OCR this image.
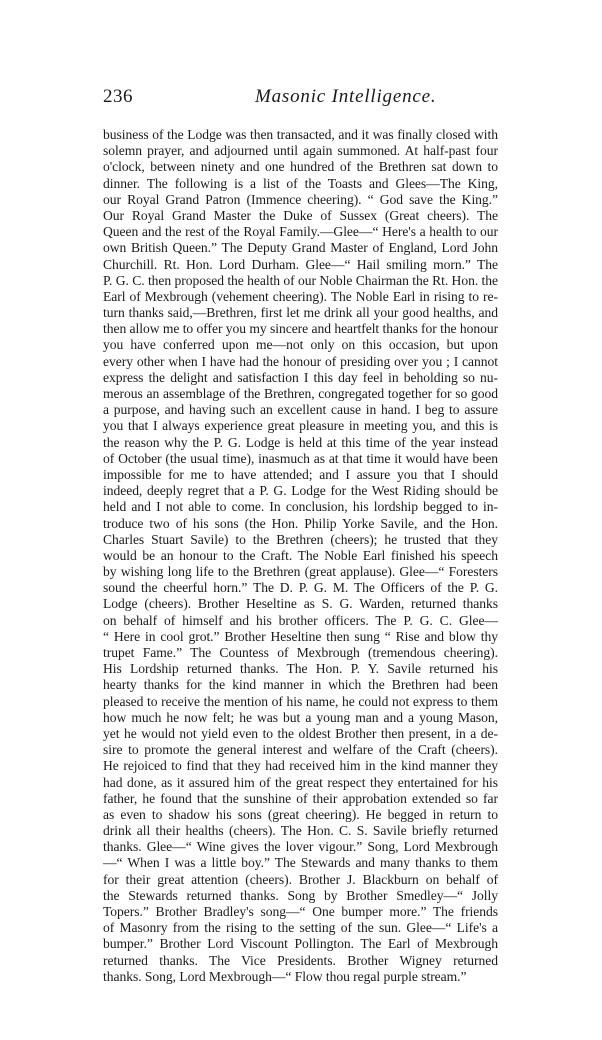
236	Masonic Intelligence.
business of the Lodge was then transacted, and it was finally closed with
solemn prayer, and adjourned until again summoned. At half-past four
o'clock, between ninety and one hundred of the Brethren sat down to
dinner. The following is a list of the Toasts and Glees—The King,
our Royal Grand Patron (Immence cheering). “ God save the King.”
Our Royal Grand Master the Duke of Sussex (Great cheers). The
Queen and the rest of the Royal Family.—Glee—“ Here's a health to our
own British Queen.” The Deputy Grand Master of England, Lord John
Churchill. Rt. Hon. Lord Durham. Glee—“ Hail smiling morn.” The
P. G. C. then proposed the health of our Noble Chairman the Rt. Hon. the
Earl of Mexbrough (vehement cheering). The Noble Earl in rising to re-
turn thanks said,—Brethren, first let me drink all your good healths, and
then allow me to offer you my sincere and heartfelt thanks for the honour
you have conferred upon me—not only on this occasion, but upon
every other when I have had the honour of presiding over you ; I cannot
express the delight and satisfaction I this day feel in beholding so nu-
merous an assemblage of the Brethren, congregated together for so good
a purpose, and having such an excellent cause in hand. I beg to assure
you that I always experience great pleasure in meeting you, and this is
the reason why the P. G. Lodge is held at this time of the year instead
of October (the usual time), inasmuch as at that time it would have been
impossible for me to have attended; and I assure you that I should
indeed, deeply regret that a P. G. Lodge for the West Riding should be
held and I not able to come. In conclusion, his lordship begged to in-
troduce two of his sons (the Hon. Philip Yorke Savile, and the Hon.
Charles Stuart Savile) to the Brethren (cheers); he trusted that they
would be an honour to the Craft. The Noble Earl finished his speech
by wishing long life to the Brethren (great applause). Glee—“ Foresters
sound the cheerful horn.” The D. P. G. M. The Officers of the P. G.
Lodge (cheers). Brother Heseltine as S. G. Warden, returned thanks
on behalf of himself and his brother officers. The P. G. C. Glee—
“ Here in cool grot.” Brother Heseltine then sung “ Rise and blow thy
trupet Fame.” The Countess of Mexbrough (tremendous cheering).
His Lordship returned thanks. The Hon. P. Y. Savile returned his
hearty thanks for the kind manner in which the Brethren had been
pleased to receive the mention of his name, he could not express to them
how much he now felt; he was but a young man and a young Mason,
yet he would not yield even to the oldest Brother then present, in a de-
sire to promote the general interest and welfare of the Craft (cheers).
He rejoiced to find that they had received him in the kind manner they
had done, as it assured him of the great respect they entertained for his
father, he found that the sunshine of their approbation extended so far
as even to shadow his sons (great cheering). He begged in return to
drink all their healths (cheers). The Hon. C. S. Savile briefly returned
thanks. Glee—“ Wine gives the lover vigour.” Song, Lord Mexbrough
—“ When I was a little boy.” The Stewards and many thanks to them
for their great attention (cheers). Brother J. Blackburn on behalf of
the Stewards returned thanks. Song by Brother Smedley—“ Jolly
Topers.” Brother Bradley's song—“ One bumper more.” The friends
of Masonry from the rising to the setting of the sun. Glee—“ Life's a
bumper.” Brother Lord Viscount Pollington. The Earl of Mexbrough
returned thanks. The Vice Presidents. Brother Wigney returned
thanks. Song, Lord Mexbrough—“ Flow thou regal purple stream.”
